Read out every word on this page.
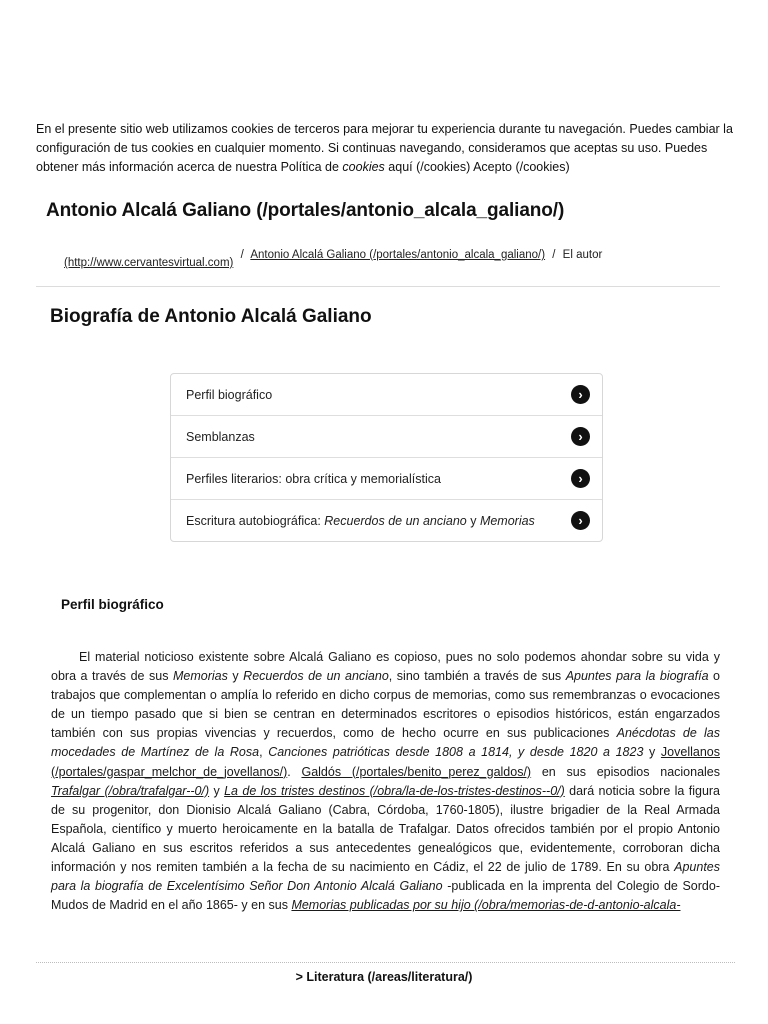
En el presente sitio web utilizamos cookies de terceros para mejorar tu experiencia durante tu navegación. Puedes cambiar la configuración de tus cookies en cualquier momento. Si continuas navegando, consideramos que aceptas su uso. Puedes obtener más información acerca de nuestra Política de cookies aquí (/cookies) Acepto (/cookies)
Antonio Alcalá Galiano (/portales/antonio_alcala_galiano/)
(http://www.cervantesvirtual.com) / Antonio Alcalá Galiano (/portales/antonio_alcala_galiano/) / El autor
Biografía de Antonio Alcalá Galiano
Perfil biográfico	›
Semblanzas	›
Perfiles literarios: obra crítica y memorialística	›
Escritura autobiográfica: Recuerdos de un anciano y Memorias	›
Perfil biográfico

El material noticioso existente sobre Alcalá Galiano es copioso, pues no solo podemos ahondar sobre su vida y obra a través de sus Memorias y Recuerdos de un anciano, sino también a través de sus Apuntes para la biografía o trabajos que complementan o amplía lo referido en dicho corpus de memorias, como sus remembranzas o evocaciones de un tiempo pasado que si bien se centran en determinados escritores o episodios históricos, están engarzados también con sus propias vivencias y recuerdos, como de hecho ocurre en sus publicaciones Anécdotas de las mocedades de Martínez de la Rosa, Canciones patrióticas desde 1808 a 1814, y desde 1820 a 1823 y Jovellanos (/portales/gaspar_melchor_de_jovellanos/). Galdós (/portales/benito_perez_galdos/) en sus episodios nacionales Trafalgar (/obra/trafalgar--0/) y La de los tristes destinos (/obra/la-de-los-tristes-destinos--0/) dará noticia sobre la figura de su progenitor, don Dionisio Alcalá Galiano (Cabra, Córdoba, 1760-1805), ilustre brigadier de la Real Armada Española, científico y muerto heroicamente en la batalla de Trafalgar. Datos ofrecidos también por el propio Antonio Alcalá Galiano en sus escritos referidos a sus antecedentes genealógicos que, evidentemente, corroboran dicha información y nos remiten también a la fecha de su nacimiento en Cádiz, el 22 de julio de 1789. En su obra Apuntes para la biografía de Excelentísimo Señor Don Antonio Alcalá Galiano -publicada en la imprenta del Colegio de Sordo-Mudos de Madrid en el año 1865- y en sus Memorias publicadas por su hijo (/obra/memorias-de-d-antonio-alcala-

> Literatura (/areas/literatura/)
